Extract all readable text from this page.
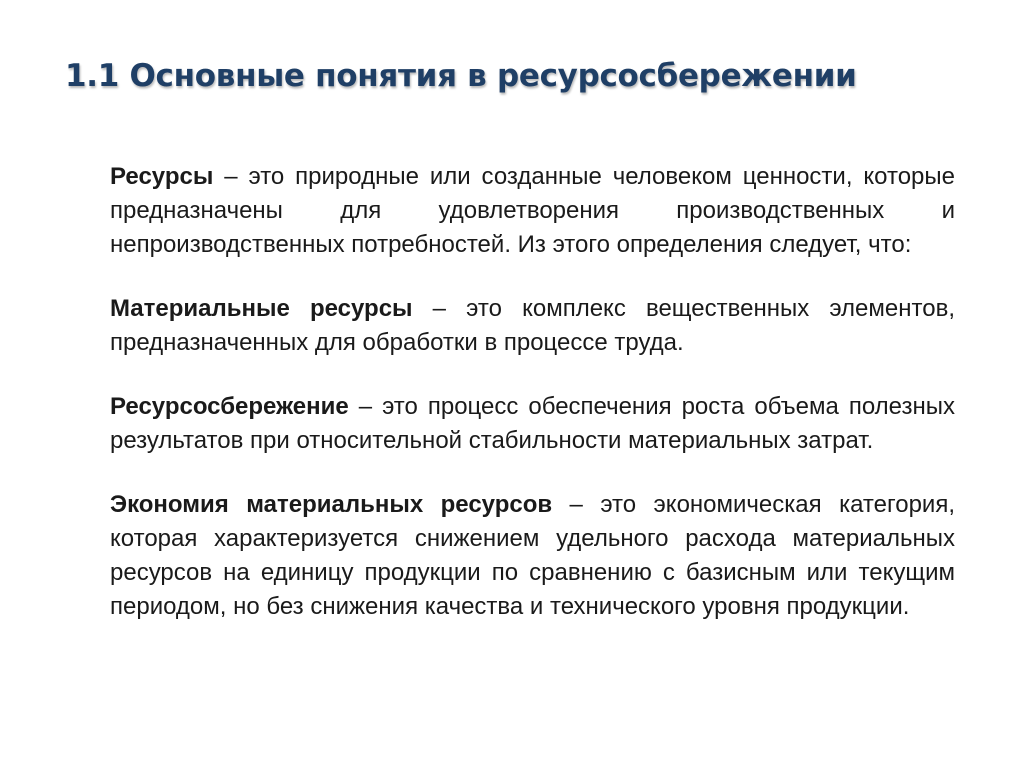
1.1 Основные понятия в ресурсосбережении

Ресурсы – это природные или созданные человеком ценности, которые предназначены для удовлетворения производственных и непроизводственных потребностей. Из этого определения следует, что:

Материальные ресурсы – это комплекс вещественных элементов, предназначенных для обработки в процессе труда.

Ресурсосбережение – это процесс обеспечения роста объема полезных результатов при относительной стабильности материальных затрат.

Экономия материальных ресурсов – это экономическая категория, которая характеризуется снижением удельного расхода материальных ресурсов на единицу продукции по сравнению с базисным или текущим периодом, но без снижения качества и технического уровня продукции.
